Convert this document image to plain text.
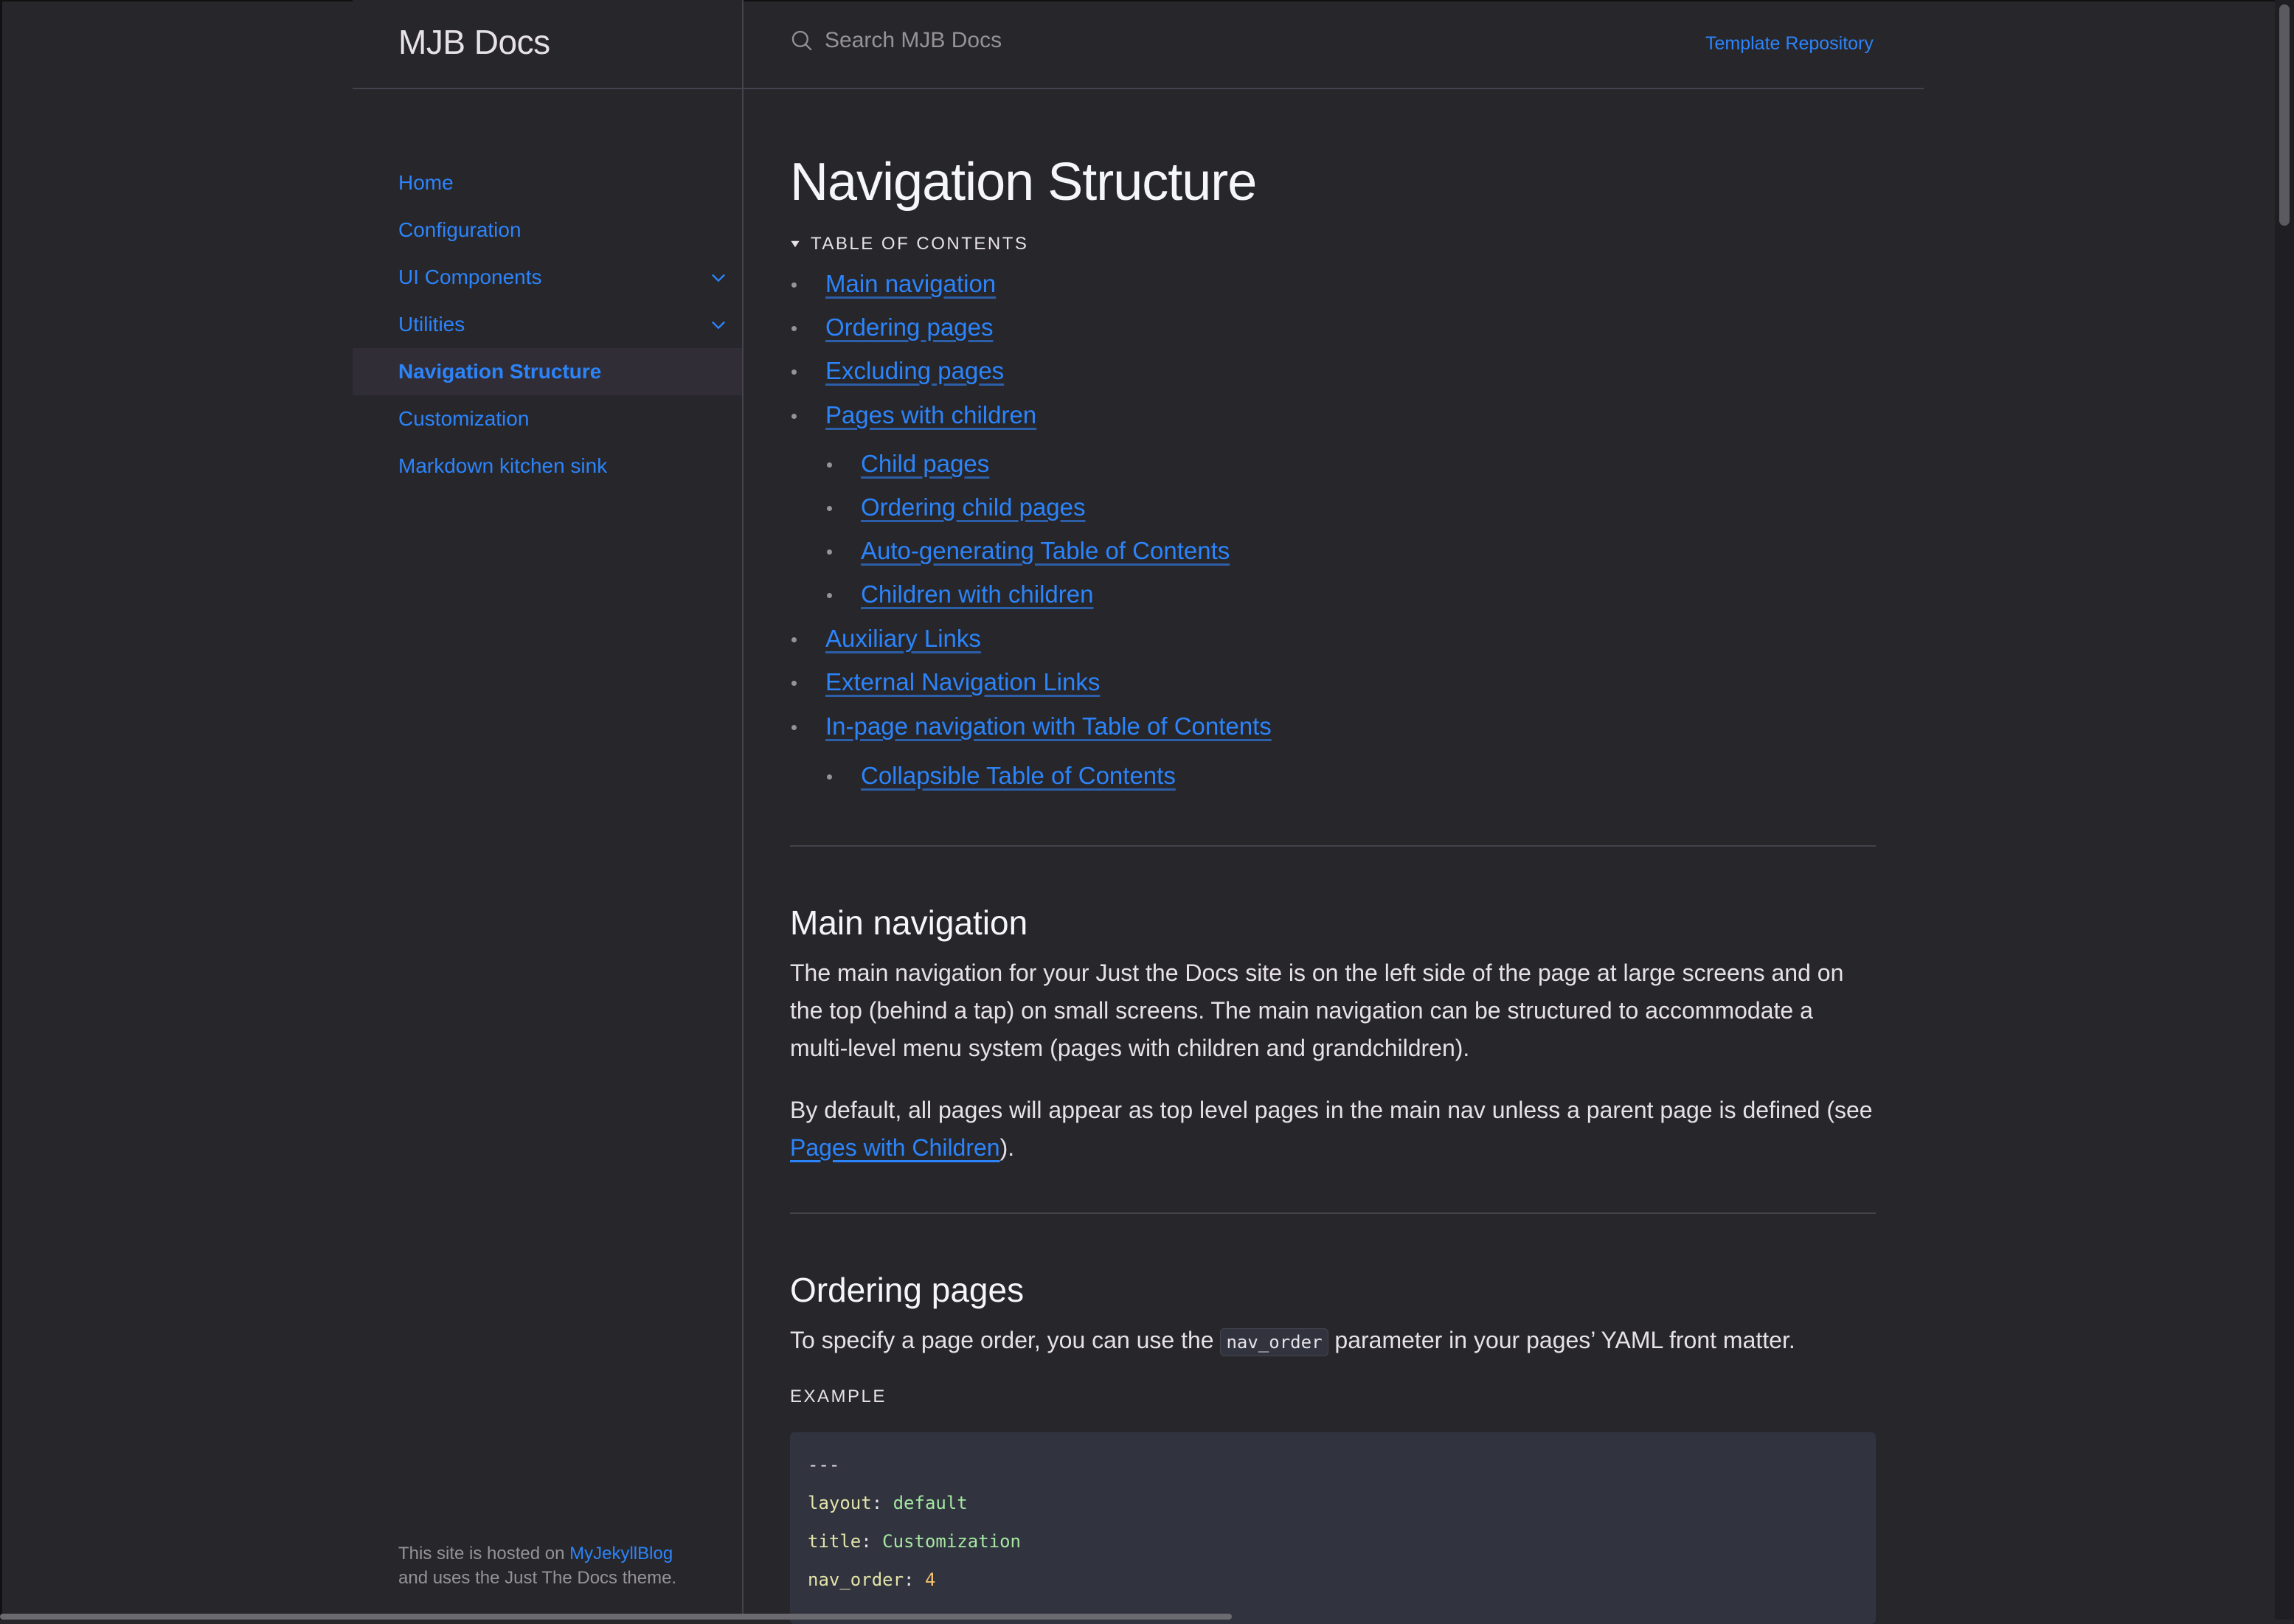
MJB Docs
Home
Configuration
UI Components
Utilities
Navigation Structure
Customization
Markdown kitchen sink
This site is hosted on MyJekyllBlog
and uses the Just The Docs theme.
Search MJB Docs
Template Repository
Navigation Structure
TABLE OF CONTENTS
Main navigation
Ordering pages
Excluding pages
Pages with children
Child pages
Ordering child pages
Auto-generating Table of Contents
Children with children
Auxiliary Links
External Navigation Links
In-page navigation with Table of Contents
Collapsible Table of Contents
Main navigation

The main navigation for your Just the Docs site is on the left side of the page at large screens and on the top (behind a tap) on small screens. The main navigation can be structured to accommodate a multi-level menu system (pages with children and grandchildren).

By default, all pages will appear as top level pages in the main nav unless a parent page is defined (see Pages with Children).

Ordering pages

To specify a page order, you can use the nav_order parameter in your pages’ YAML front matter.

EXAMPLE
---
layout: default
title: Customization
nav_order: 4
